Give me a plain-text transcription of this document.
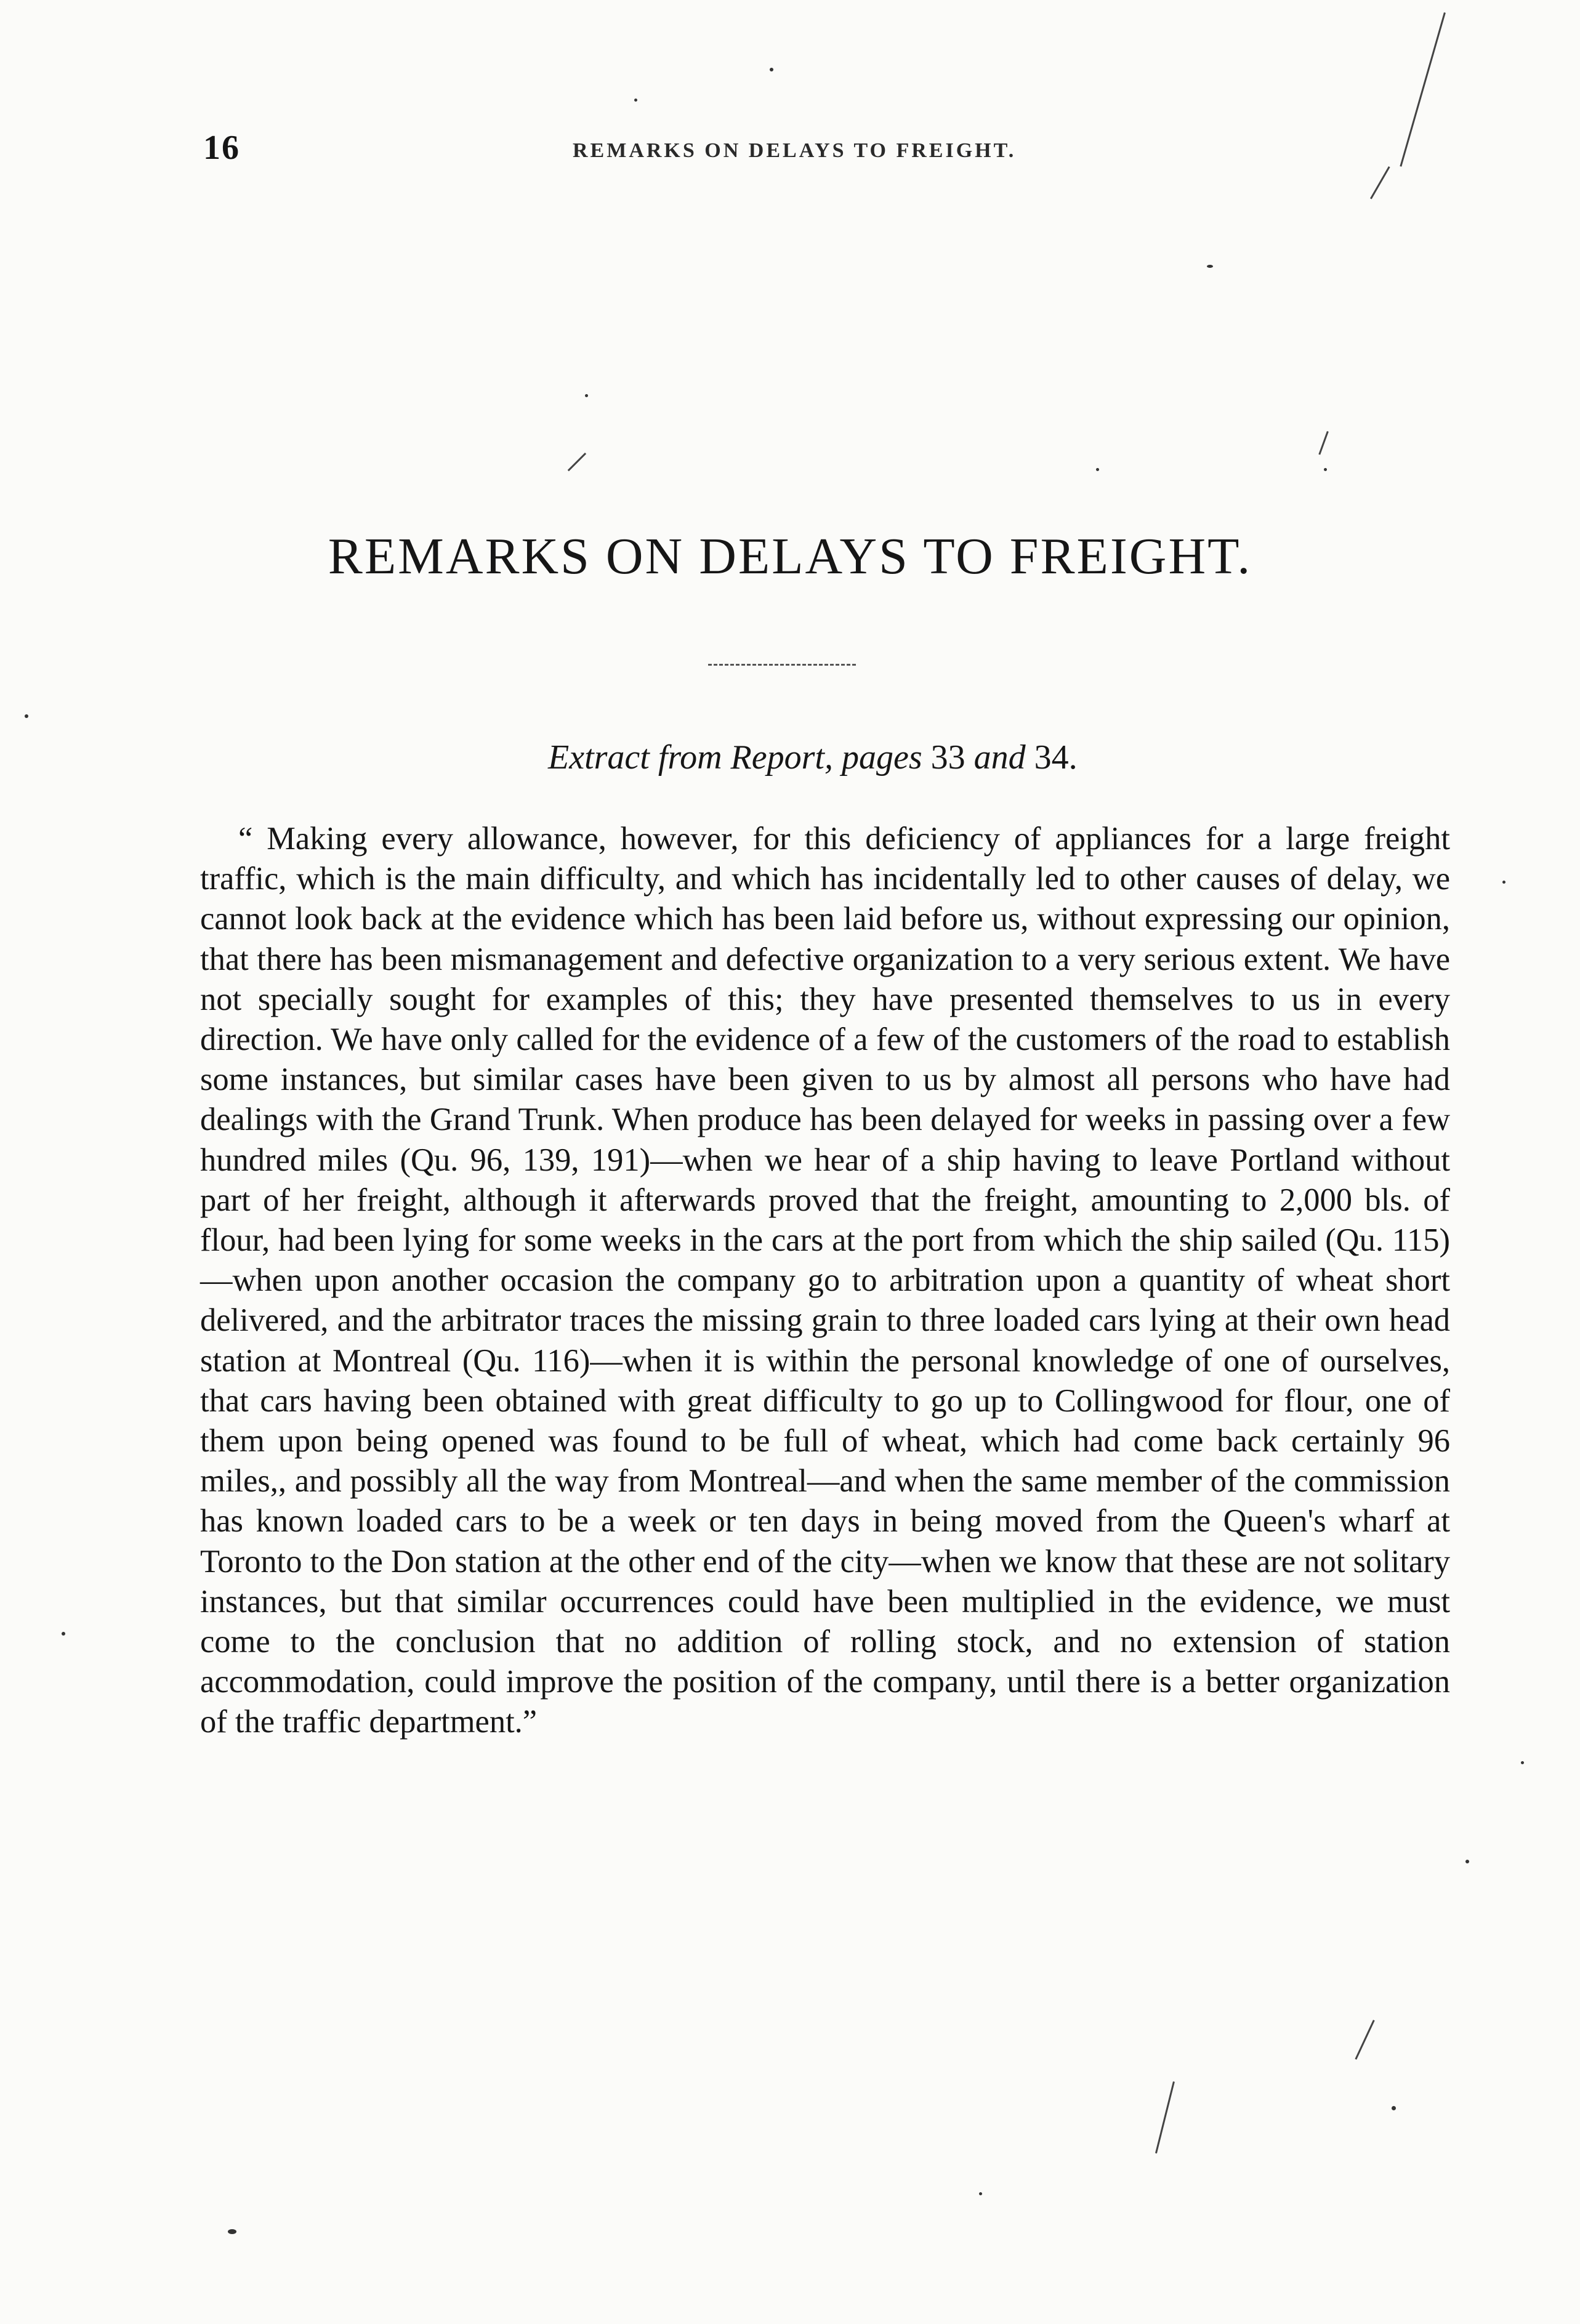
16	REMARKS ON DELAYS TO FREIGHT.
REMARKS ON DELAYS TO FREIGHT.
Extract from Report, pages 33 and 34.

“ Making every allowance, however, for this deficiency of appliances for a large freight traffic, which is the main difficulty, and which has incidentally led to other causes of delay, we cannot look back at the evidence which has been laid before us, without expressing our opinion, that there has been mismanagement and defective organization to a very serious extent. We have not specially sought for examples of this; they have presented themselves to us in every direction. We have only called for the evidence of a few of the customers of the road to establish some instances, but similar cases have been given to us by almost all persons who have had dealings with the Grand Trunk. When produce has been delayed for weeks in passing over a few hundred miles (Qu. 96, 139, 191)—when we hear of a ship having to leave Portland without part of her freight, although it afterwards proved that the freight, amounting to 2,000 bls. of flour, had been lying for some weeks in the cars at the port from which the ship sailed (Qu. 115)—when upon another occasion the company go to arbitration upon a quantity of wheat short delivered, and the arbitrator traces the missing grain to three loaded cars lying at their own head station at Montreal (Qu. 116)—when it is within the personal knowledge of one of ourselves, that cars having been obtained with great difficulty to go up to Collingwood for flour, one of them upon being opened was found to be full of wheat, which had come back certainly 96 miles,, and possibly all the way from Montreal—and when the same member of the commission has known loaded cars to be a week or ten days in being moved from the Queen's wharf at Toronto to the Don station at the other end of the city—when we know that these are not solitary instances, but that similar occurrences could have been multiplied in the evidence, we must come to the conclusion that no addition of rolling stock, and no extension of station accommodation, could improve the position of the company, until there is a better organization of the traffic department.”
